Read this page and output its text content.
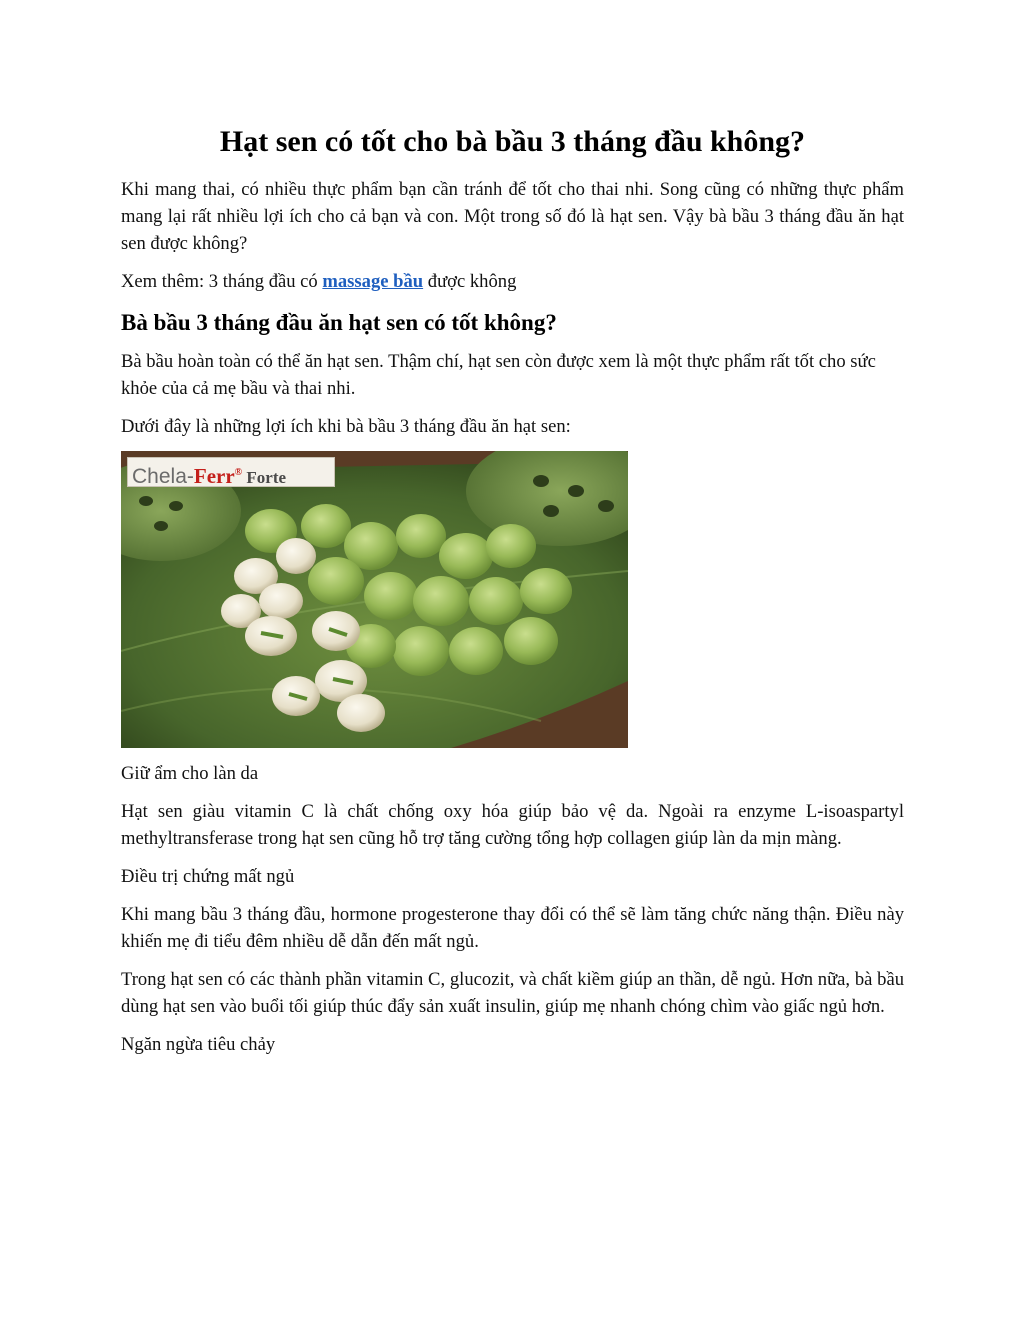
Hạt sen có tốt cho bà bầu 3 tháng đầu không?

Khi mang thai, có nhiều thực phẩm bạn cần tránh để tốt cho thai nhi. Song cũng có những thực phẩm mang lại rất nhiều lợi ích cho cả bạn và con. Một trong số đó là hạt sen. Vậy bà bầu 3 tháng đầu ăn hạt sen được không?

Xem thêm: 3 tháng đầu có massage bầu được không

Bà bầu 3 tháng đầu ăn hạt sen có tốt không?

Bà bầu hoàn toàn có thể ăn hạt sen. Thậm chí, hạt sen còn được xem là một thực phẩm rất tốt cho sức khỏe của cả mẹ bầu và thai nhi.

Dưới đây là những lợi ích khi bà bầu 3 tháng đầu ăn hạt sen:

Chela-Ferr® Forte

Giữ ẩm cho làn da

Hạt sen giàu vitamin C là chất chống oxy hóa giúp bảo vệ da. Ngoài ra enzyme L-isoaspartyl methyltransferase trong hạt sen cũng hỗ trợ tăng cường tổng hợp collagen giúp làn da mịn màng.

Điều trị chứng mất ngủ

Khi mang bầu 3 tháng đầu, hormone progesterone thay đổi có thể sẽ làm tăng chức năng thận. Điều này khiến mẹ đi tiểu đêm nhiều dễ dẫn đến mất ngủ.

Trong hạt sen có các thành phần vitamin C, glucozit, và chất kiềm giúp an thần, dễ ngủ. Hơn nữa, bà bầu dùng hạt sen vào buổi tối giúp thúc đẩy sản xuất insulin, giúp mẹ nhanh chóng chìm vào giấc ngủ hơn.

Ngăn ngừa tiêu chảy
